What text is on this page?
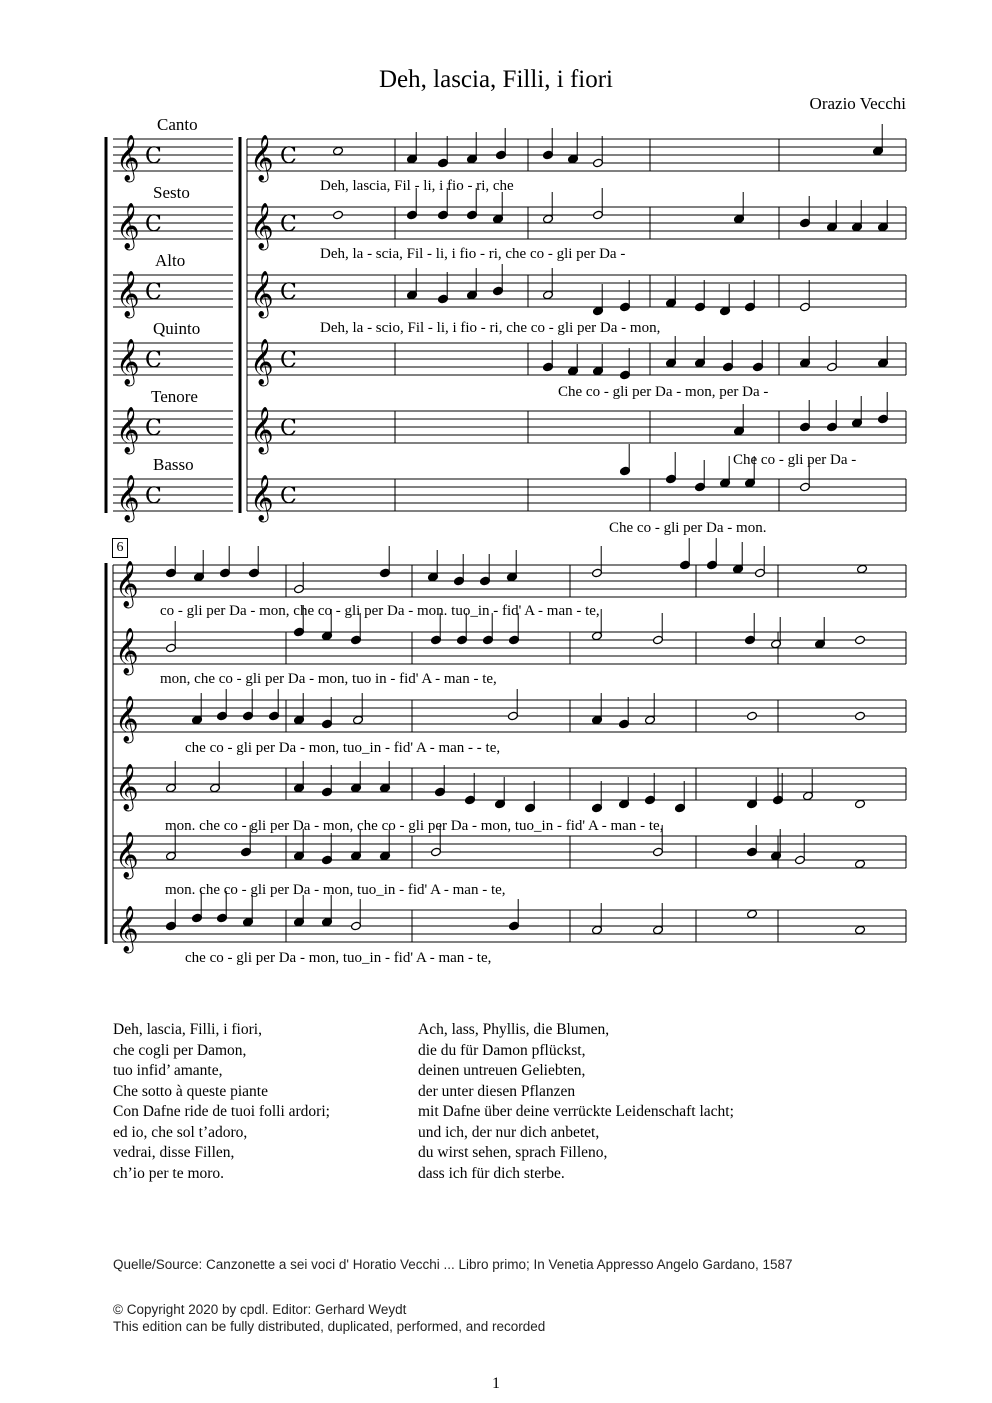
Deh, lascia, Filli, i fiori
Orazio Vecchi
Canto
Sesto
Alto
Quinto
Tenore
Basso
𝄞	𝄞
C	C
𝄞	𝄞
C	C
𝄞	𝄞
C	C
𝄞	𝄞
C	C
𝄞	𝄞
C	C
𝄞	𝄞
C	C
𝄞
𝄞
𝄞
𝄞
𝄞
𝄞
Deh, lascia, Fil - li, i fio - ri, che
Deh, la - scia, Fil - li, i fio - ri, che co - gli per Da -
Deh, la - scio, Fil - li, i fio - ri, che co - gli per Da - mon,
Che co - gli per Da - mon, per Da -
Che co - gli per Da -
Che co - gli per Da - mon.
6
co - gli per Da - mon, che co - gli per Da - mon. tuo_in - fid' A - man - te,
mon, che co - gli per Da - mon, tuo in - fid' A - man - te,
che co - gli per Da - mon, tuo_in - fid' A - man - - te,
mon. che co - gli per Da - mon, che co - gli per Da - mon, tuo_in - fid' A - man - te,
mon. che co - gli per Da - mon, tuo_in - fid' A - man - te,
che co - gli per Da - mon, tuo_in - fid' A - man - te,
Deh, lascia, Filli, i fiori,
che cogli per Damon,
tuo infid’ amante,
Che sotto à queste piante
Con Dafne ride de tuoi folli ardori;
ed io, che sol t’adoro,
vedrai, disse Fillen,
ch’io per te moro.
Ach, lass, Phyllis, die Blumen,
die du für Damon pflückst,
deinen untreuen Geliebten,
der unter diesen Pflanzen
mit Dafne über deine verrückte Leidenschaft lacht;
und ich, der nur dich anbetet,
du wirst sehen, sprach Filleno,
dass ich für dich sterbe.
Quelle/Source: Canzonette a sei voci d' Horatio Vecchi ... Libro primo; In Venetia Appresso Angelo Gardano, 1587
© Copyright 2020 by cpdl. Editor: Gerhard Weydt
This edition can be fully distributed, duplicated, performed, and recorded
1
